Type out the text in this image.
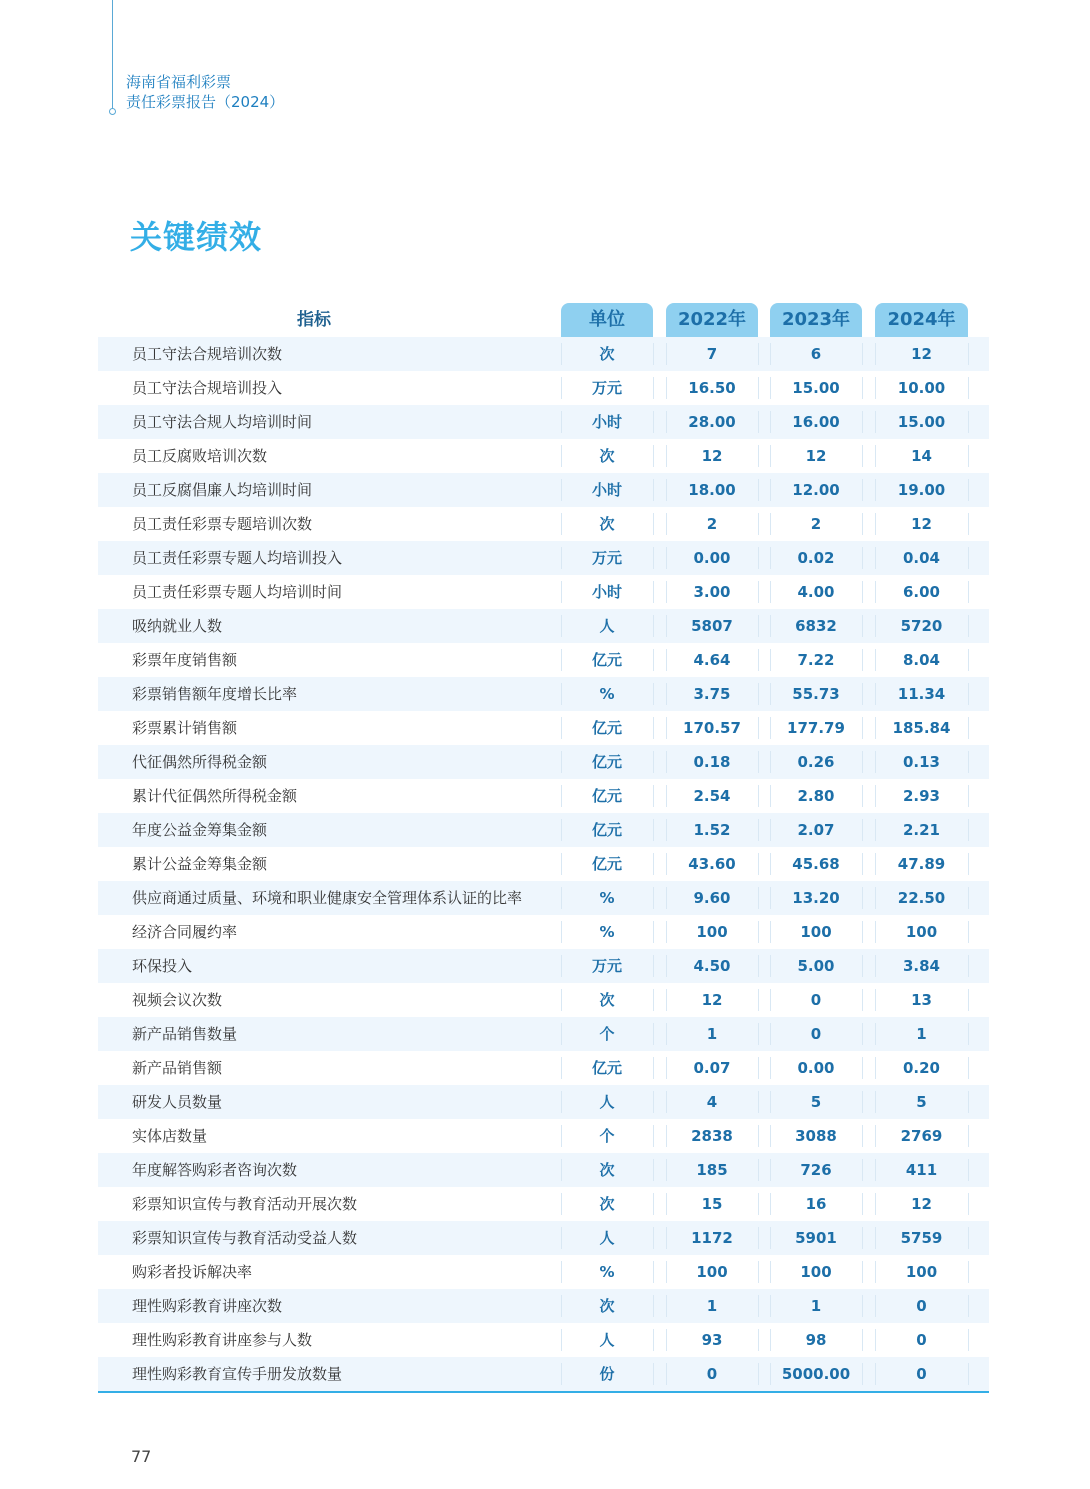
海南省福利彩票
责任彩票报告（2024）
关键绩效
指标	单位	2022年	2023年	2024年
员工守法合规培训次数	次	7	6	12
员工守法合规培训投入	万元	16.50	15.00	10.00
员工守法合规人均培训时间	小时	28.00	16.00	15.00
员工反腐败培训次数	次	12	12	14
员工反腐倡廉人均培训时间	小时	18.00	12.00	19.00
员工责任彩票专题培训次数	次	2	2	12
员工责任彩票专题人均培训投入	万元	0.00	0.02	0.04
员工责任彩票专题人均培训时间	小时	3.00	4.00	6.00
吸纳就业人数	人	5807	6832	5720
彩票年度销售额	亿元	4.64	7.22	8.04
彩票销售额年度增长比率	%	3.75	55.73	11.34
彩票累计销售额	亿元	170.57	177.79	185.84
代征偶然所得税金额	亿元	0.18	0.26	0.13
累计代征偶然所得税金额	亿元	2.54	2.80	2.93
年度公益金筹集金额	亿元	1.52	2.07	2.21
累计公益金筹集金额	亿元	43.60	45.68	47.89
供应商通过质量、环境和职业健康安全管理体系认证的比率	%	9.60	13.20	22.50
经济合同履约率	%	100	100	100
环保投入	万元	4.50	5.00	3.84
视频会议次数	次	12	0	13
新产品销售数量	个	1	0	1
新产品销售额	亿元	0.07	0.00	0.20
研发人员数量	人	4	5	5
实体店数量	个	2838	3088	2769
年度解答购彩者咨询次数	次	185	726	411
彩票知识宣传与教育活动开展次数	次	15	16	12
彩票知识宣传与教育活动受益人数	人	1172	5901	5759
购彩者投诉解决率	%	100	100	100
理性购彩教育讲座次数	次	1	1	0
理性购彩教育讲座参与人数	人	93	98	0
理性购彩教育宣传手册发放数量	份	0	5000.00	0
77
